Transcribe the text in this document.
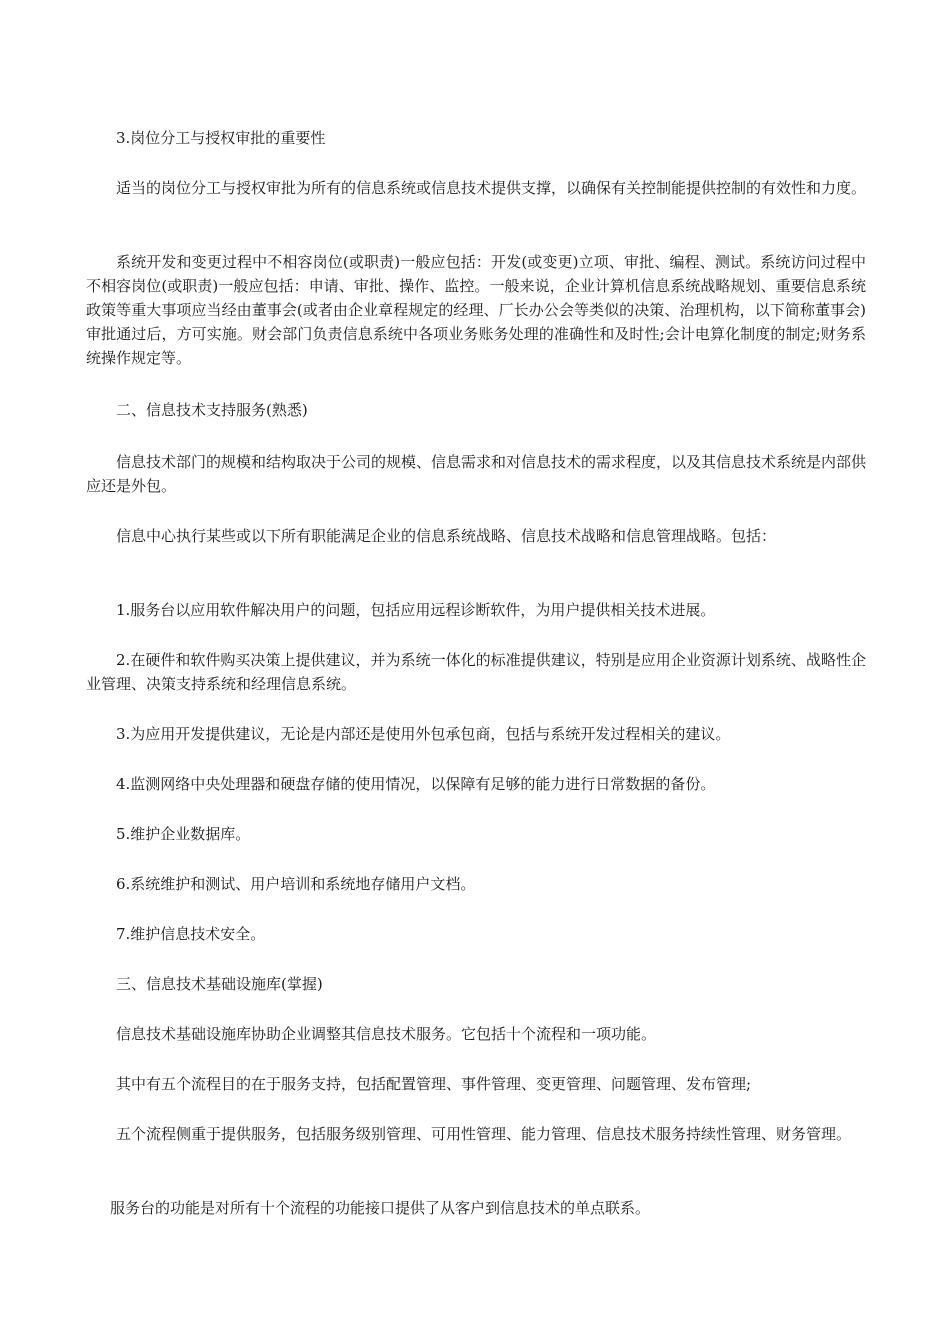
3.岗位分工与授权审批的重要性

适当的岗位分工与授权审批为所有的信息系统或信息技术提供支撑，以确保有关控制能提供控制的有效性和力度。

系统开发和变更过程中不相容岗位(或职责)一般应包括：开发(或变更)立项、审批、编程、测试。系统访问过程中不相容岗位(或职责)一般应包括：申请、审批、操作、监控。一般来说，企业计算机信息系统战略规划、重要信息系统政策等重大事项应当经由董事会(或者由企业章程规定的经理、厂长办公会等类似的决策、治理机构，以下简称董事会)审批通过后，方可实施。财会部门负责信息系统中各项业务账务处理的准确性和及时性;会计电算化制度的制定;财务系统操作规定等。

二、信息技术支持服务(熟悉)

信息技术部门的规模和结构取决于公司的规模、信息需求和对信息技术的需求程度，以及其信息技术系统是内部供应还是外包。

信息中心执行某些或以下所有职能满足企业的信息系统战略、信息技术战略和信息管理战略。包括：

1.服务台以应用软件解决用户的问题，包括应用远程诊断软件，为用户提供相关技术进展。

2.在硬件和软件购买决策上提供建议，并为系统一体化的标准提供建议，特别是应用企业资源计划系统、战略性企业管理、决策支持系统和经理信息系统。

3.为应用开发提供建议，无论是内部还是使用外包承包商，包括与系统开发过程相关的建议。

4.监测网络中央处理器和硬盘存储的使用情况，以保障有足够的能力进行日常数据的备份。

5.维护企业数据库。

6.系统维护和测试、用户培训和系统地存储用户文档。

7.维护信息技术安全。

三、信息技术基础设施库(掌握)

信息技术基础设施库协助企业调整其信息技术服务。它包括十个流程和一项功能。

其中有五个流程目的在于服务支持，包括配置管理、事件管理、变更管理、问题管理、发布管理;

五个流程侧重于提供服务，包括服务级别管理、可用性管理、能力管理、信息技术服务持续性管理、财务管理。

服务台的功能是对所有十个流程的功能接口提供了从客户到信息技术的单点联系。
